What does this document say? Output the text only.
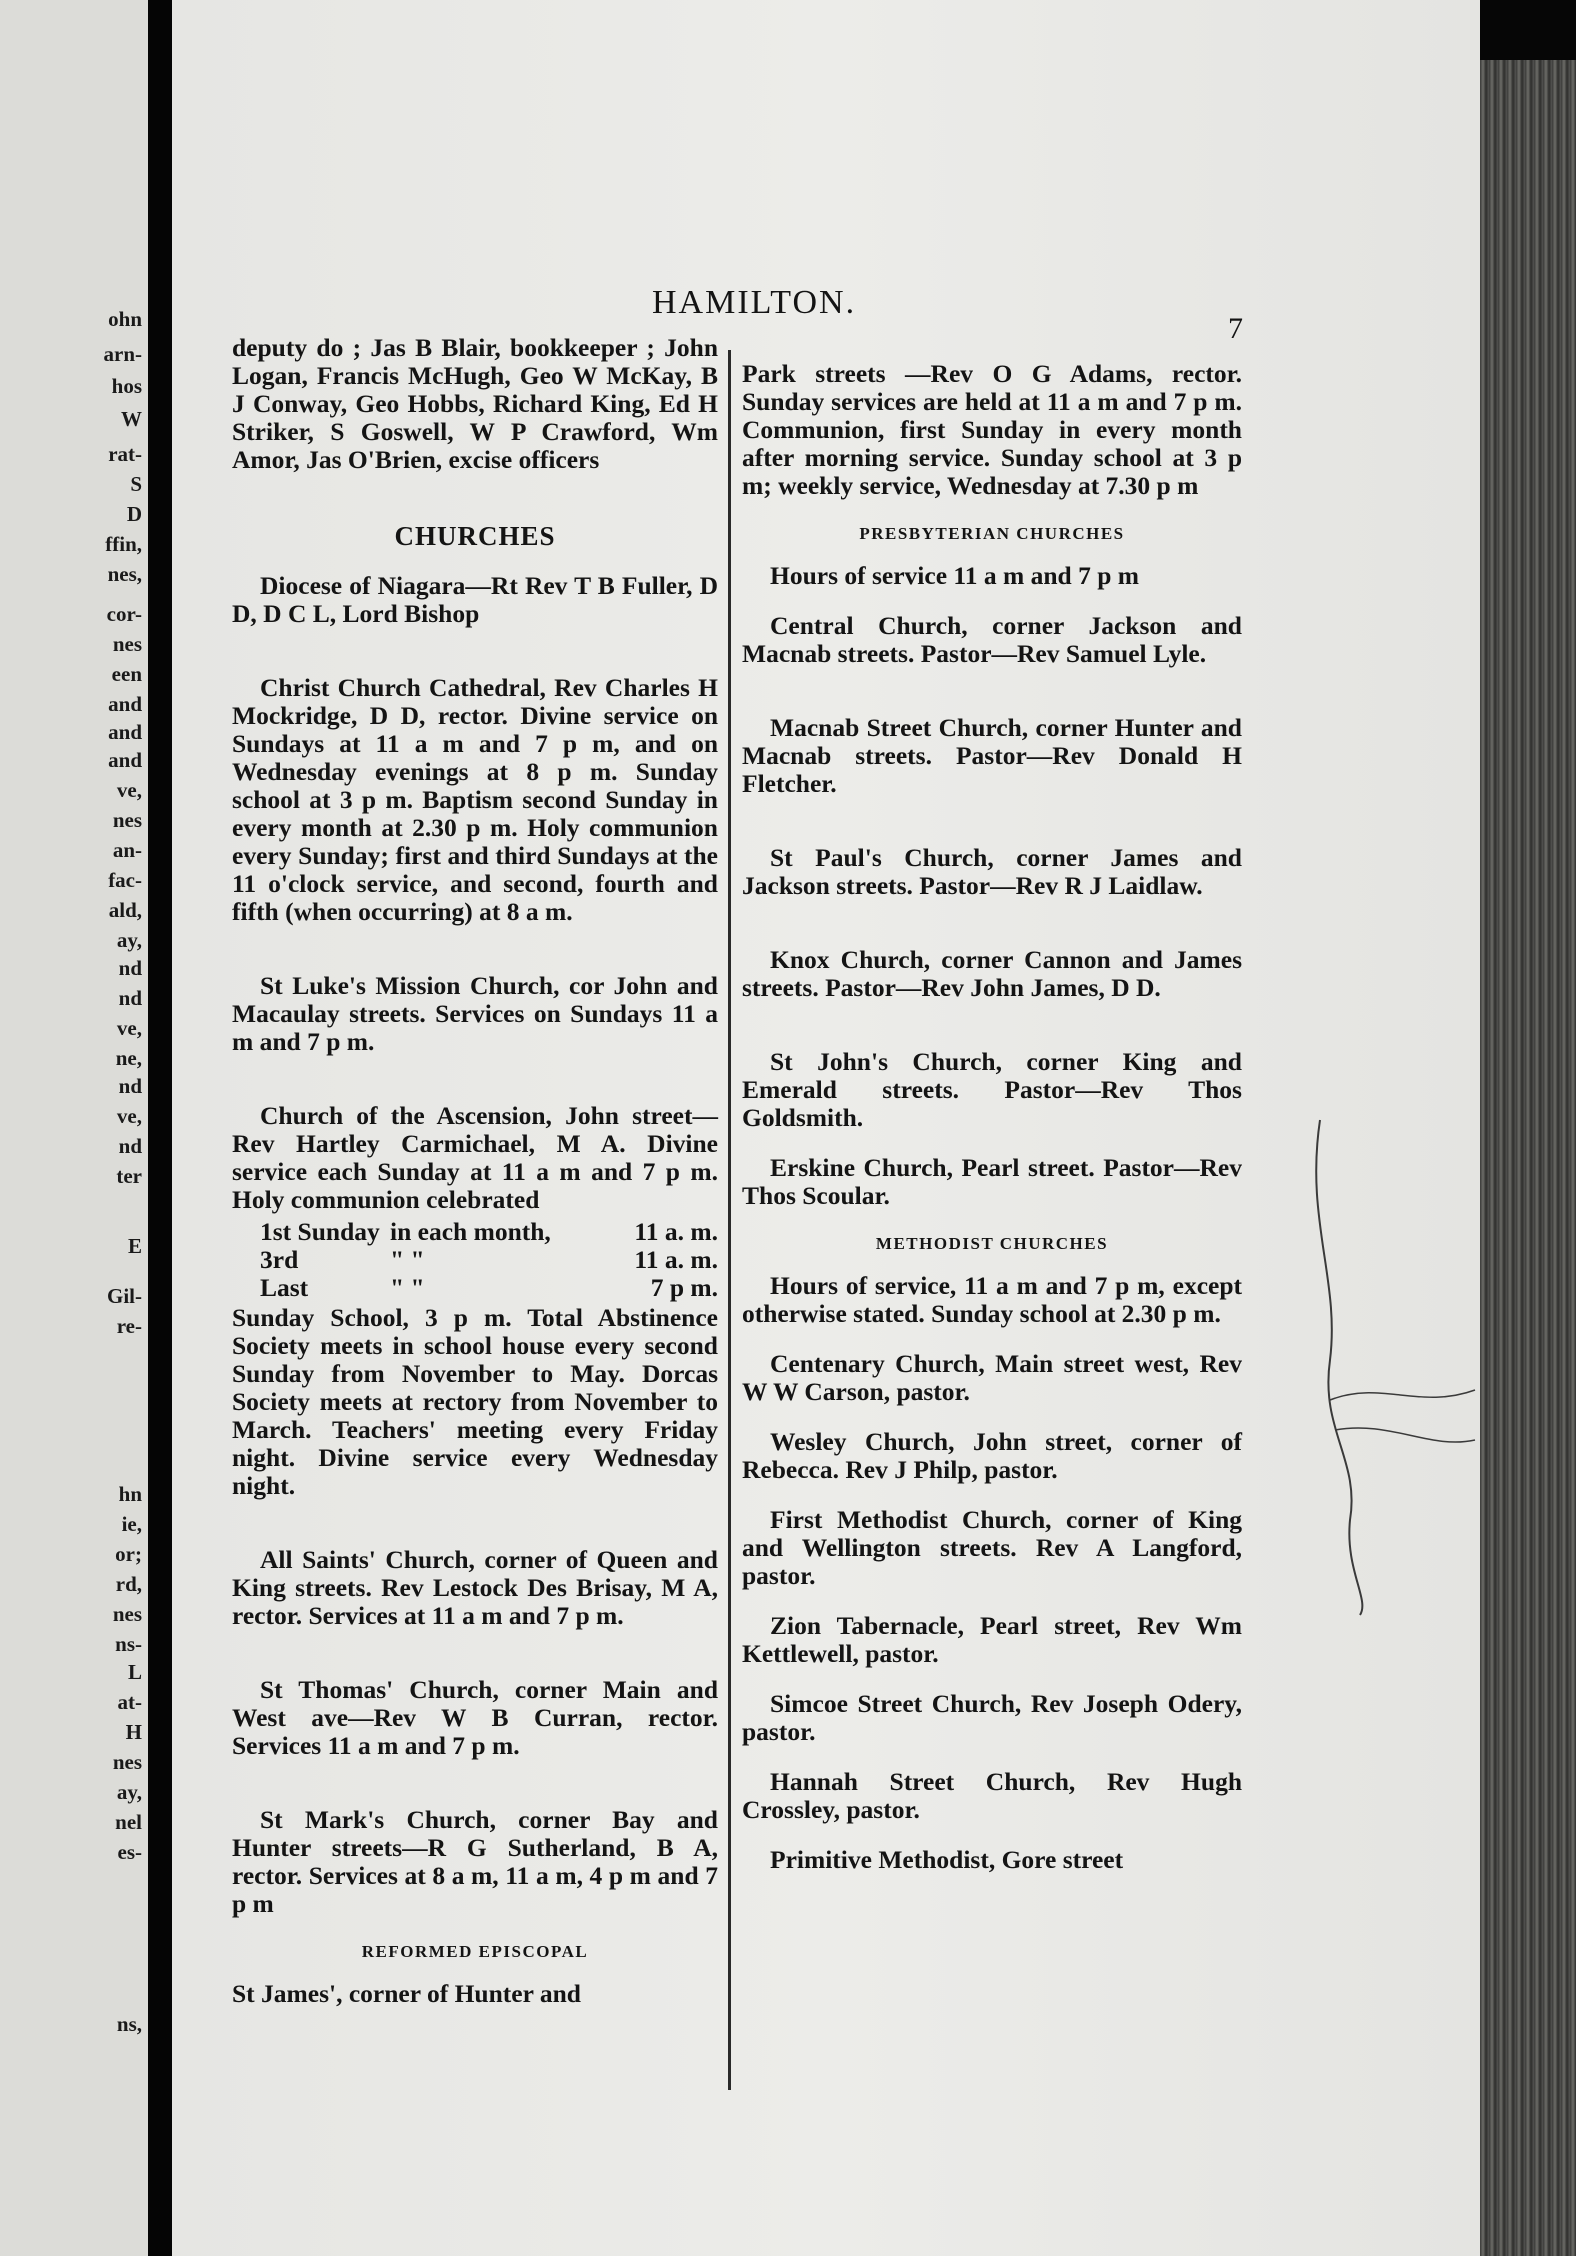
ohn
arn-
hos
W
rat-
S
D
ffin,
nes,
cor-
nes
een
and
and
and
ve,
nes
an-
fac-
ald,
ay,
nd
nd
ve,
ne,
nd
ve,
nd
ter
E
Gil-
re-
hn
ie,
or;
rd,
nes
ns-
L
at-
H
nes
ay,
nel
es-
ns,
HAMILTON.
7

deputy do ; Jas B Blair, bookkeeper ; John Logan, Francis McHugh, Geo W McKay, B J Conway, Geo Hobbs, Richard King, Ed H Striker, S Goswell, W P Crawford, Wm Amor, Jas O'Brien, excise officers

CHURCHES

Diocese of Niagara—Rt Rev T B Fuller, D D, D C L, Lord Bishop

Christ Church Cathedral, Rev Charles H Mockridge, D D, rector. Divine service on Sundays at 11 a m and 7 p m, and on Wednesday evenings at 8 p m. Sunday school at 3 p m. Baptism second Sunday in every month at 2.30 p m. Holy communion every Sunday; first and third Sundays at the 11 o'clock service, and second, fourth and fifth (when occurring) at 8 a m.

St Luke's Mission Church, cor John and Macaulay streets. Services on Sundays 11 a m and 7 p m.

Church of the Ascension, John street—Rev Hartley Carmichael, M A. Divine service each Sunday at 11 a m and 7 p m. Holy communion celebrated

1st Sunday in each month,	11 a. m.
3rd	" "	11 a. m.
Last	" "	7 p m.

Sunday School, 3 p m. Total Abstinence Society meets in school house every second Sunday from November to May. Dorcas Society meets at rectory from November to March. Teachers' meeting every Friday night. Divine service every Wednesday night.

All Saints' Church, corner of Queen and King streets. Rev Lestock Des Brisay, M A, rector. Services at 11 a m and 7 p m.

St Thomas' Church, corner Main and West ave—Rev W B Curran, rector. Services 11 a m and 7 p m.

St Mark's Church, corner Bay and Hunter streets—R G Sutherland, B A, rector. Services at 8 a m, 11 a m, 4 p m and 7 p m

REFORMED EPISCOPAL

St James', corner of Hunter and

Park streets —Rev O G Adams, rector. Sunday services are held at 11 a m and 7 p m. Communion, first Sunday in every month after morning service. Sunday school at 3 p m; weekly service, Wednesday at 7.30 p m

PRESBYTERIAN CHURCHES

Hours of service 11 a m and 7 p m

Central Church, corner Jackson and Macnab streets. Pastor—Rev Samuel Lyle.

Macnab Street Church, corner Hunter and Macnab streets. Pastor—Rev Donald H Fletcher.

St Paul's Church, corner James and Jackson streets. Pastor—Rev R J Laidlaw.

Knox Church, corner Cannon and James streets. Pastor—Rev John James, D D.

St John's Church, corner King and Emerald streets. Pastor—Rev Thos Goldsmith.

Erskine Church, Pearl street. Pastor—Rev Thos Scoular.

METHODIST CHURCHES

Hours of service, 11 a m and 7 p m, except otherwise stated. Sunday school at 2.30 p m.

Centenary Church, Main street west, Rev W W Carson, pastor.

Wesley Church, John street, corner of Rebecca. Rev J Philp, pastor.

First Methodist Church, corner of King and Wellington streets. Rev A Langford, pastor.

Zion Tabernacle, Pearl street, Rev Wm Kettlewell, pastor.

Simcoe Street Church, Rev Joseph Odery, pastor.

Hannah Street Church, Rev Hugh Crossley, pastor.

Primitive Methodist, Gore street
